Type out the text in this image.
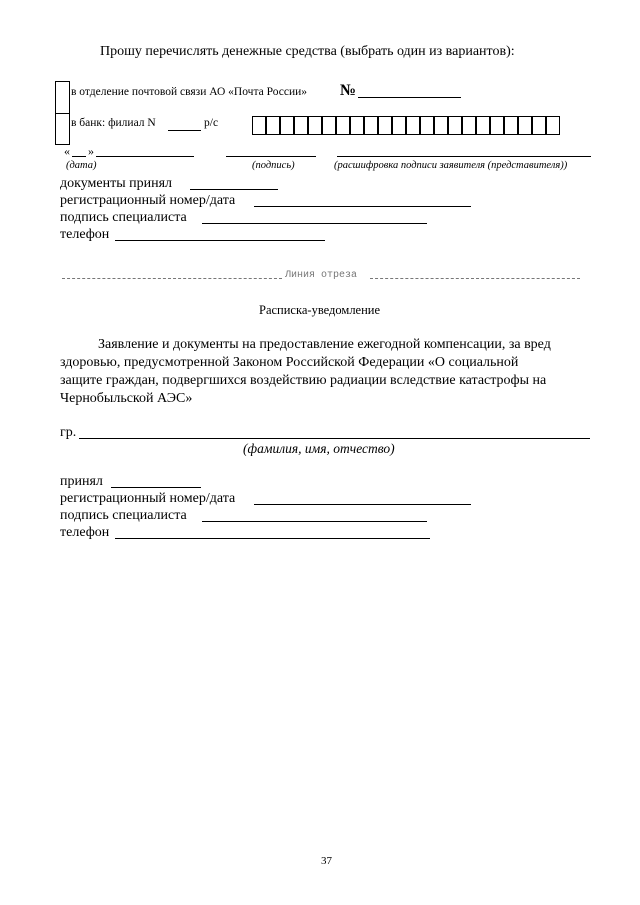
Прошу перечислять денежные средства (выбрать один из вариантов):
в отделение почтовой связи АО «Почта России» №
в банк: филиал N	р/с
« »
(дата)	(подпись)	(расшифровка подписи заявителя (представителя))
документы принял
регистрационный номер/дата
подпись специалиста
телефон
Линия отреза
Расписка-уведомление
Заявление и документы на предоставление ежегодной компенсации, за вред
здоровью, предусмотренной Законом Российской Федерации «О социальной
защите граждан, подвергшихся воздействию радиации вследствие катастрофы на
Чернобыльской АЭС»
гр.
(фамилия, имя, отчество)
принял
регистрационный номер/дата
подпись специалиста
телефон
37
